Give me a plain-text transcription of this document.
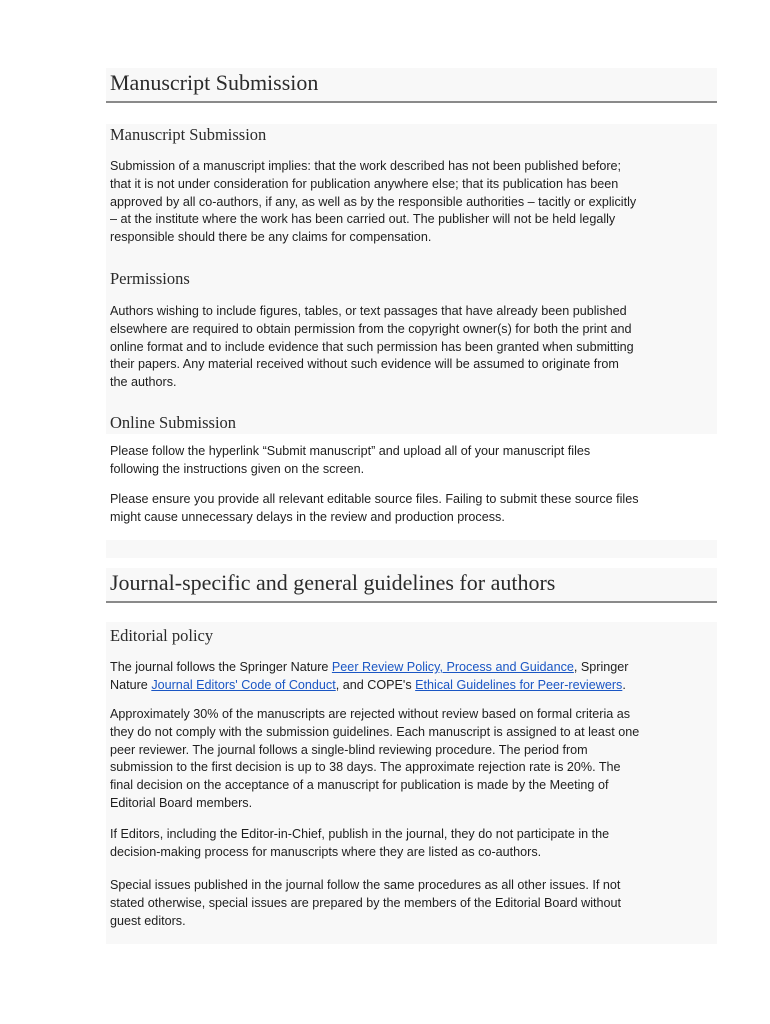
Manuscript Submission
Manuscript Submission

Submission of a manuscript implies: that the work described has not been published before;
that it is not under consideration for publication anywhere else; that its publication has been
approved by all co-authors, if any, as well as by the responsible authorities – tacitly or explicitly
– at the institute where the work has been carried out. The publisher will not be held legally
responsible should there be any claims for compensation.

Permissions

Authors wishing to include figures, tables, or text passages that have already been published
elsewhere are required to obtain permission from the copyright owner(s) for both the print and
online format and to include evidence that such permission has been granted when submitting
their papers. Any material received without such evidence will be assumed to originate from
the authors.

Online Submission

Please follow the hyperlink “Submit manuscript” and upload all of your manuscript files
following the instructions given on the screen.

Please ensure you provide all relevant editable source files. Failing to submit these source files
might cause unnecessary delays in the review and production process.

Journal-specific and general guidelines for authors
Editorial policy

The journal follows the Springer Nature Peer Review Policy, Process and Guidance, Springer
Nature Journal Editors' Code of Conduct, and COPE's Ethical Guidelines for Peer-reviewers.

Approximately 30% of the manuscripts are rejected without review based on formal criteria as
they do not comply with the submission guidelines. Each manuscript is assigned to at least one
peer reviewer. The journal follows a single-blind reviewing procedure. The period from
submission to the first decision is up to 38 days. The approximate rejection rate is 20%. The
final decision on the acceptance of a manuscript for publication is made by the Meeting of
Editorial Board members.

If Editors, including the Editor-in-Chief, publish in the journal, they do not participate in the
decision-making process for manuscripts where they are listed as co-authors.

Special issues published in the journal follow the same procedures as all other issues. If not
stated otherwise, special issues are prepared by the members of the Editorial Board without
guest editors.
